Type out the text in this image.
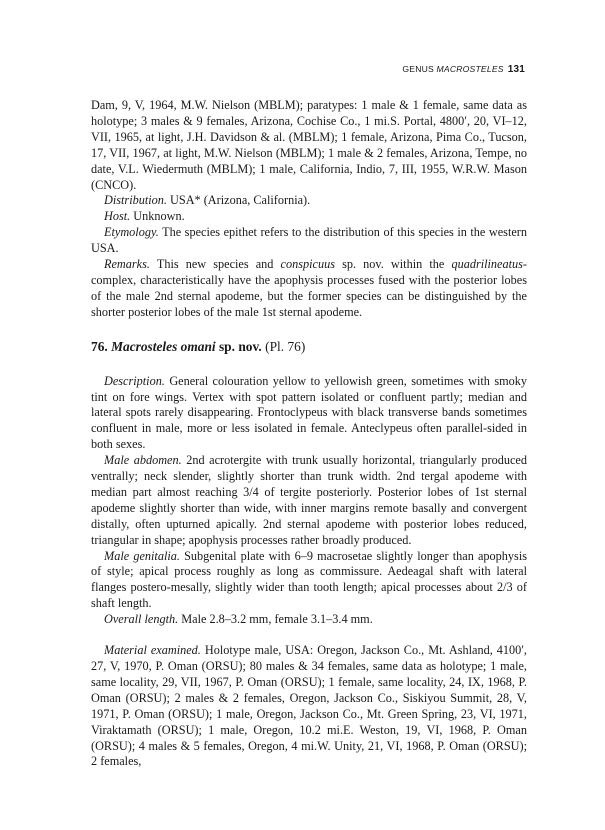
GENUS MACROSTELES 131

Dam, 9, V, 1964, M.W. Nielson (MBLM); paratypes: 1 male & 1 female, same data as holotype; 3 males & 9 females, Arizona, Cochise Co., 1 mi.S. Portal, 4800′, 20, VI–12, VII, 1965, at light, J.H. Davidson & al. (MBLM); 1 female, Arizona, Pima Co., Tucson, 17, VII, 1967, at light, M.W. Nielson (MBLM); 1 male & 2 females, Arizona, Tempe, no date, V.L. Wiedermuth (MBLM); 1 male, California, Indio, 7, III, 1955, W.R.W. Mason (CNCO).

Distribution. USA* (Arizona, California).

Host. Unknown.

Etymology. The species epithet refers to the distribution of this species in the western USA.

Remarks. This new species and conspicuus sp. nov. within the quadrilineatus-complex, characteristically have the apophysis processes fused with the posterior lobes of the male 2nd sternal apodeme, but the former species can be distinguished by the shorter posterior lobes of the male 1st sternal apodeme.

76. Macrosteles omani sp. nov. (Pl. 76)

Description. General colouration yellow to yellowish green, sometimes with smoky tint on fore wings. Vertex with spot pattern isolated or confluent partly; median and lateral spots rarely disappearing. Frontoclypeus with black transverse bands sometimes confluent in male, more or less isolated in female. Anteclypeus often parallel-sided in both sexes.

Male abdomen. 2nd acrotergite with trunk usually horizontal, triangularly produced ventrally; neck slender, slightly shorter than trunk width. 2nd tergal apodeme with median part almost reaching 3/4 of tergite posteriorly. Posterior lobes of 1st sternal apodeme slightly shorter than wide, with inner margins remote basally and convergent distally, often upturned apically. 2nd sternal apodeme with posterior lobes reduced, triangular in shape; apophysis processes rather broadly produced.

Male genitalia. Subgenital plate with 6–9 macrosetae slightly longer than apophysis of style; apical process roughly as long as commissure. Aedeagal shaft with lateral flanges postero-mesally, slightly wider than tooth length; apical processes about 2/3 of shaft length.

Overall length. Male 2.8–3.2 mm, female 3.1–3.4 mm.

Material examined. Holotype male, USA: Oregon, Jackson Co., Mt. Ashland, 4100′, 27, V, 1970, P. Oman (ORSU); 80 males & 34 females, same data as holotype; 1 male, same locality, 29, VII, 1967, P. Oman (ORSU); 1 female, same locality, 24, IX, 1968, P. Oman (ORSU); 2 males & 2 females, Oregon, Jackson Co., Siskiyou Summit, 28, V, 1971, P. Oman (ORSU); 1 male, Oregon, Jackson Co., Mt. Green Spring, 23, VI, 1971, Viraktamath (ORSU); 1 male, Oregon, 10.2 mi.E. Weston, 19, VI, 1968, P. Oman (ORSU); 4 males & 5 females, Oregon, 4 mi.W. Unity, 21, VI, 1968, P. Oman (ORSU); 2 females,
